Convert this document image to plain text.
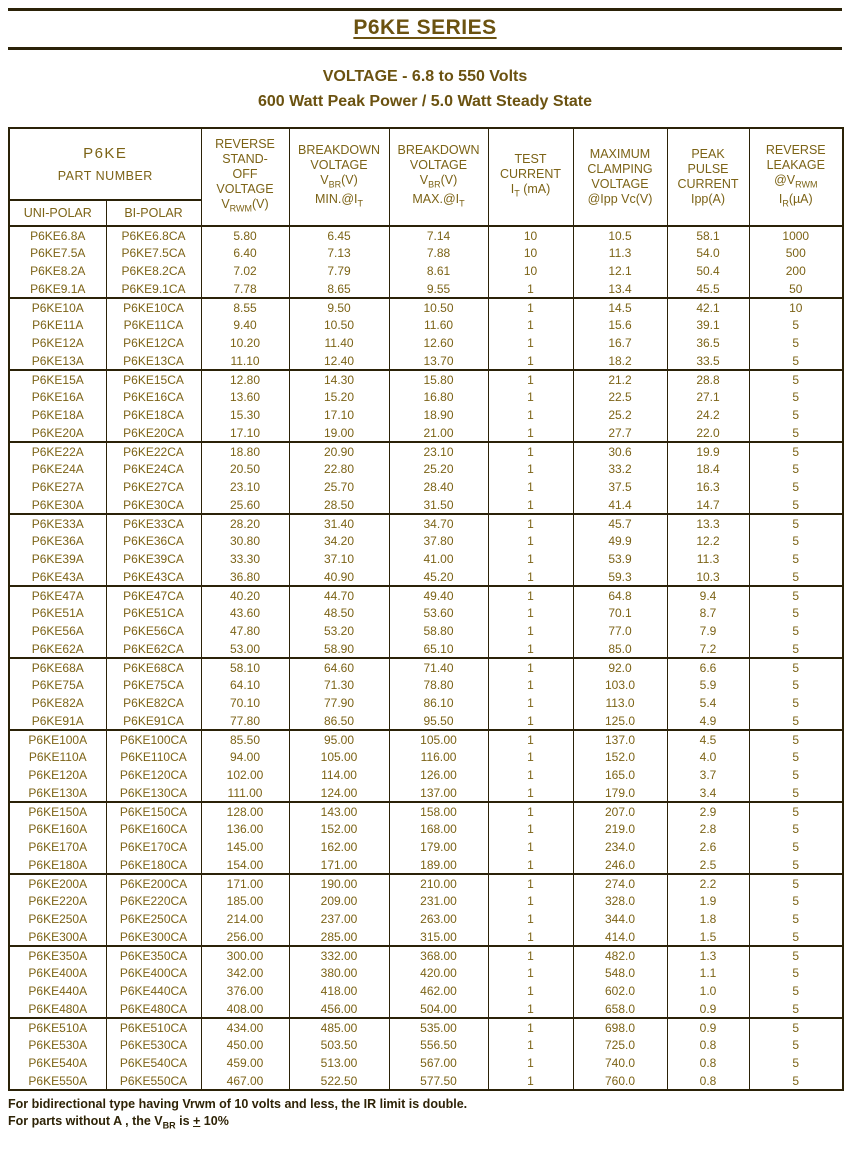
P6KE SERIES
VOLTAGE - 6.8 to 550 Volts
600 Watt Peak Power / 5.0 Watt Steady State
P6KE
PART NUMBER

REVERSE
STAND-
OFF
VOLTAGE
$V_{RWM}(V)$

BREAKDOWN
VOLTAGE
$V_{BR}(V)$
$MIN.@I_T$

BREAKDOWN
VOLTAGE
$V_{BR}(V)$
$MAX.@I_T$

TEST
CURRENT
$I_T$ (mA)

MAXIMUM
CLAMPING
VOLTAGE
@Ipp Vc(V)

PEAK
PULSE
CURRENT
Ipp(A)

REVERSE
LEAKAGE
$@V_{RWM}$
$I_R(\mu A)$

UNI-POLAR	BI-POLAR							
P6KE6.8A	P6KE6.8CA	5.80	6.45	7.14	10	10.5	58.1	1000
P6KE7.5A	P6KE7.5CA	6.40	7.13	7.88	10	11.3	54.0	500
P6KE8.2A	P6KE8.2CA	7.02	7.79	8.61	10	12.1	50.4	200
P6KE9.1A	P6KE9.1CA	7.78	8.65	9.55	1	13.4	45.5	50
P6KE10A	P6KE10CA	8.55	9.50	10.50	1	14.5	42.1	10
P6KE11A	P6KE11CA	9.40	10.50	11.60	1	15.6	39.1	5
P6KE12A	P6KE12CA	10.20	11.40	12.60	1	16.7	36.5	5
P6KE13A	P6KE13CA	11.10	12.40	13.70	1	18.2	33.5	5
P6KE15A	P6KE15CA	12.80	14.30	15.80	1	21.2	28.8	5
P6KE16A	P6KE16CA	13.60	15.20	16.80	1	22.5	27.1	5
P6KE18A	P6KE18CA	15.30	17.10	18.90	1	25.2	24.2	5
P6KE20A	P6KE20CA	17.10	19.00	21.00	1	27.7	22.0	5
P6KE22A	P6KE22CA	18.80	20.90	23.10	1	30.6	19.9	5
P6KE24A	P6KE24CA	20.50	22.80	25.20	1	33.2	18.4	5
P6KE27A	P6KE27CA	23.10	25.70	28.40	1	37.5	16.3	5
P6KE30A	P6KE30CA	25.60	28.50	31.50	1	41.4	14.7	5
P6KE33A	P6KE33CA	28.20	31.40	34.70	1	45.7	13.3	5
P6KE36A	P6KE36CA	30.80	34.20	37.80	1	49.9	12.2	5
P6KE39A	P6KE39CA	33.30	37.10	41.00	1	53.9	11.3	5
P6KE43A	P6KE43CA	36.80	40.90	45.20	1	59.3	10.3	5
P6KE47A	P6KE47CA	40.20	44.70	49.40	1	64.8	9.4	5
P6KE51A	P6KE51CA	43.60	48.50	53.60	1	70.1	8.7	5
P6KE56A	P6KE56CA	47.80	53.20	58.80	1	77.0	7.9	5
P6KE62A	P6KE62CA	53.00	58.90	65.10	1	85.0	7.2	5
P6KE68A	P6KE68CA	58.10	64.60	71.40	1	92.0	6.6	5
P6KE75A	P6KE75CA	64.10	71.30	78.80	1	103.0	5.9	5
P6KE82A	P6KE82CA	70.10	77.90	86.10	1	113.0	5.4	5
P6KE91A	P6KE91CA	77.80	86.50	95.50	1	125.0	4.9	5
P6KE100A	P6KE100CA	85.50	95.00	105.00	1	137.0	4.5	5
P6KE110A	P6KE110CA	94.00	105.00	116.00	1	152.0	4.0	5
P6KE120A	P6KE120CA	102.00	114.00	126.00	1	165.0	3.7	5
P6KE130A	P6KE130CA	111.00	124.00	137.00	1	179.0	3.4	5
P6KE150A	P6KE150CA	128.00	143.00	158.00	1	207.0	2.9	5
P6KE160A	P6KE160CA	136.00	152.00	168.00	1	219.0	2.8	5
P6KE170A	P6KE170CA	145.00	162.00	179.00	1	234.0	2.6	5
P6KE180A	P6KE180CA	154.00	171.00	189.00	1	246.0	2.5	5
P6KE200A	P6KE200CA	171.00	190.00	210.00	1	274.0	2.2	5
P6KE220A	P6KE220CA	185.00	209.00	231.00	1	328.0	1.9	5
P6KE250A	P6KE250CA	214.00	237.00	263.00	1	344.0	1.8	5
P6KE300A	P6KE300CA	256.00	285.00	315.00	1	414.0	1.5	5
P6KE350A	P6KE350CA	300.00	332.00	368.00	1	482.0	1.3	5
P6KE400A	P6KE400CA	342.00	380.00	420.00	1	548.0	1.1	5
P6KE440A	P6KE440CA	376.00	418.00	462.00	1	602.0	1.0	5
P6KE480A	P6KE480CA	408.00	456.00	504.00	1	658.0	0.9	5
P6KE510A	P6KE510CA	434.00	485.00	535.00	1	698.0	0.9	5
P6KE530A	P6KE530CA	450.00	503.50	556.50	1	725.0	0.8	5
P6KE540A	P6KE540CA	459.00	513.00	567.00	1	740.0	0.8	5
P6KE550A	P6KE550CA	467.00	522.50	577.50	1	760.0	0.8	5
For bidirectional type having Vrwm of 10 volts and less, the IR limit is double.
For parts without A , the $V_{BR}$ is + 10%
